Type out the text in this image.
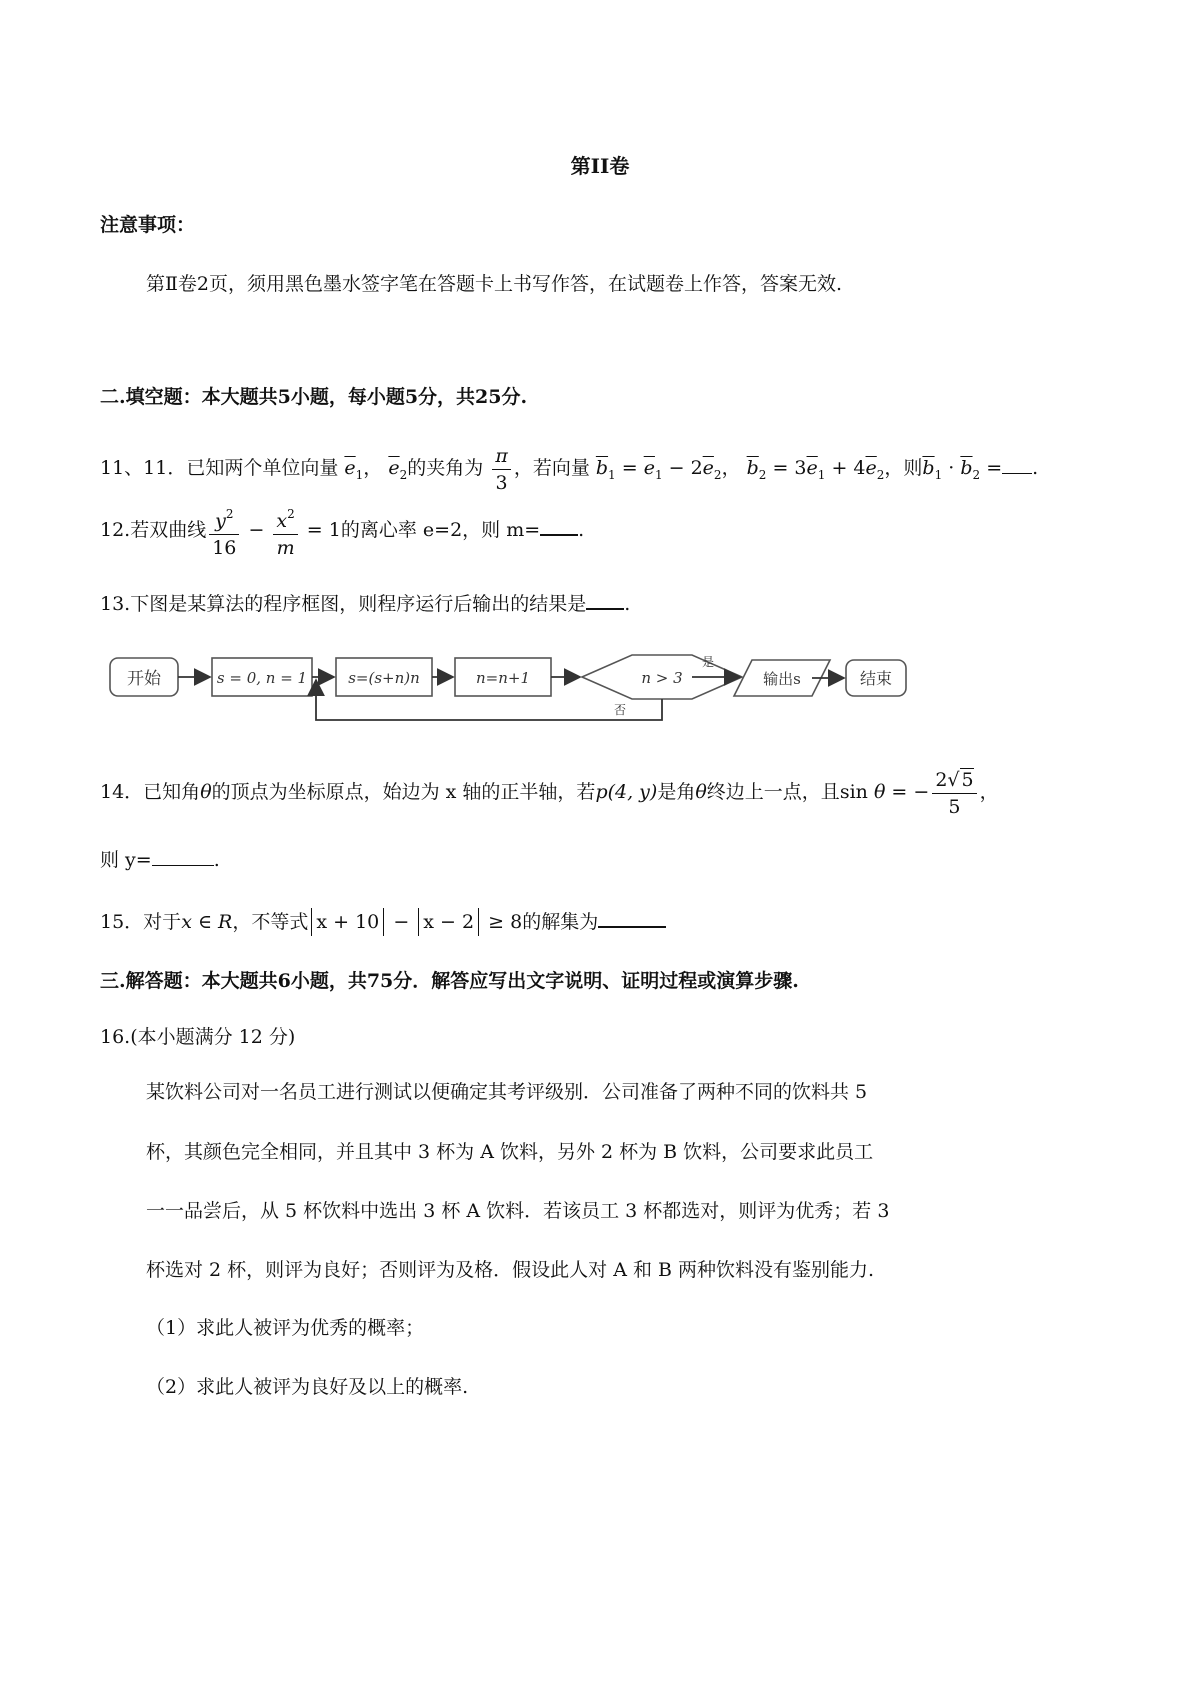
第II卷
注意事项：
第Ⅱ卷2页，须用黑色墨水签字笔在答题卡上书写作答，在试题卷上作答，答案无效.
二.填空题：本大题共5小题，每小题5分，共25分.
11、11．已知两个单位向量 $\overline{e}_1$， $\overline{e}_2$的夹角为 $\frac{\pi}{3}$ ，若向量 $\overline{b}_1 = \overline{e}_1 - 2\overline{e}_2$， $\overline{b}_2 = 3\overline{e}_1 + 4\overline{e}_2$，则$\overline{b}_1 \cdot \overline{b}_2$ = .
12.若双曲线 $\frac{y^2}{16} - \frac{x^2}{m} = 1$的离心率 e=2，则 m= .
13.下图是某算法的程序框图，则程序运行后输出的结果是 .
开始	s = 0, n = 1	s=(s+n)n	n=n+1	n > 3
是
否
输出s	结束
14．已知角θ的顶点为坐标原点，始边为 x 轴的正半轴，若p(4, y)是角θ终边上一点，且sin θ = − $\frac{2√ 5}{5}$ ，
则 y=	.
15．对于x ∈ R，不等式 x + 10 − x − 2 ≥ 8的解集为
三.解答题：本大题共6小题，共75分．解答应写出文字说明、证明过程或演算步骤.
16.(本小题满分 12 分)
某饮料公司对一名员工进行测试以便确定其考评级别．公司准备了两种不同的饮料共 5
杯，其颜色完全相同，并且其中 3 杯为 A 饮料，另外 2 杯为 B 饮料，公司要求此员工
一一品尝后，从 5 杯饮料中选出 3 杯 A 饮料．若该员工 3 杯都选对，则评为优秀；若 3
杯选对 2 杯，则评为良好；否则评为及格．假设此人对 A 和 B 两种饮料没有鉴别能力.
（1）求此人被评为优秀的概率；
（2）求此人被评为良好及以上的概率.
